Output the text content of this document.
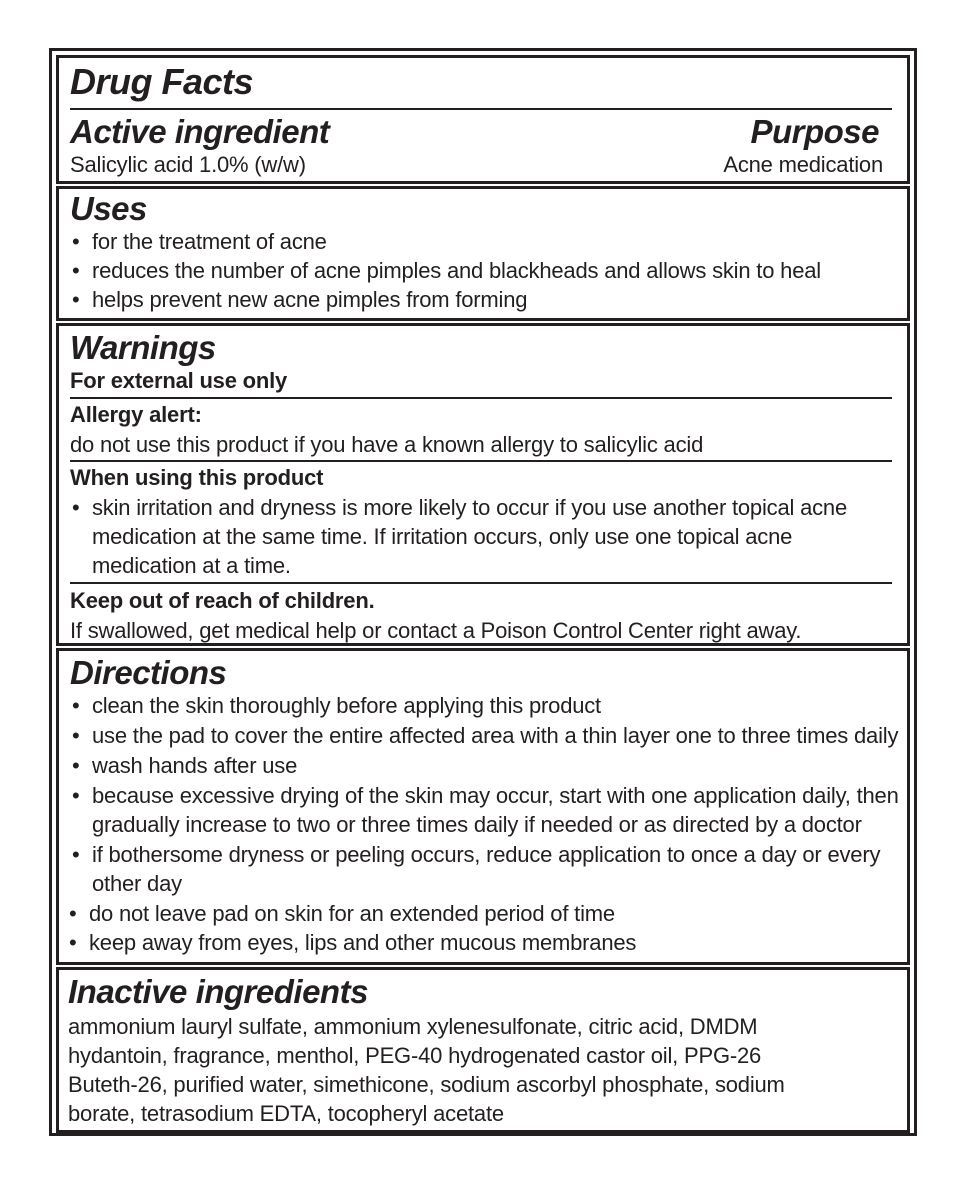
Drug Facts
Active ingredient	Purpose
Salicylic acid 1.0% (w/w)	Acne medication
Uses
• for the treatment of acne
• reduces the number of acne pimples and blackheads and allows skin to heal
• helps prevent new acne pimples from forming
Warnings
For external use only
Allergy alert:
do not use this product if you have a known allergy to salicylic acid
When using this product
• skin irritation and dryness is more likely to occur if you use another topical acne
medication at the same time. If irritation occurs, only use one topical acne
medication at a time.
Keep out of reach of children.
If swallowed, get medical help or contact a Poison Control Center right away.
Directions
• clean the skin thoroughly before applying this product
• use the pad to cover the entire affected area with a thin layer one to three times daily
• wash hands after use
• because excessive drying of the skin may occur, start with one application daily, then
gradually increase to two or three times daily if needed or as directed by a doctor
• if bothersome dryness or peeling occurs, reduce application to once a day or every
other day
• do not leave pad on skin for an extended period of time
• keep away from eyes, lips and other mucous membranes
Inactive ingredients
ammonium lauryl sulfate, ammonium xylenesulfonate, citric acid, DMDM
hydantoin, fragrance, menthol, PEG-40 hydrogenated castor oil, PPG-26
Buteth-26, purified water, simethicone, sodium ascorbyl phosphate, sodium
borate, tetrasodium EDTA, tocopheryl acetate
